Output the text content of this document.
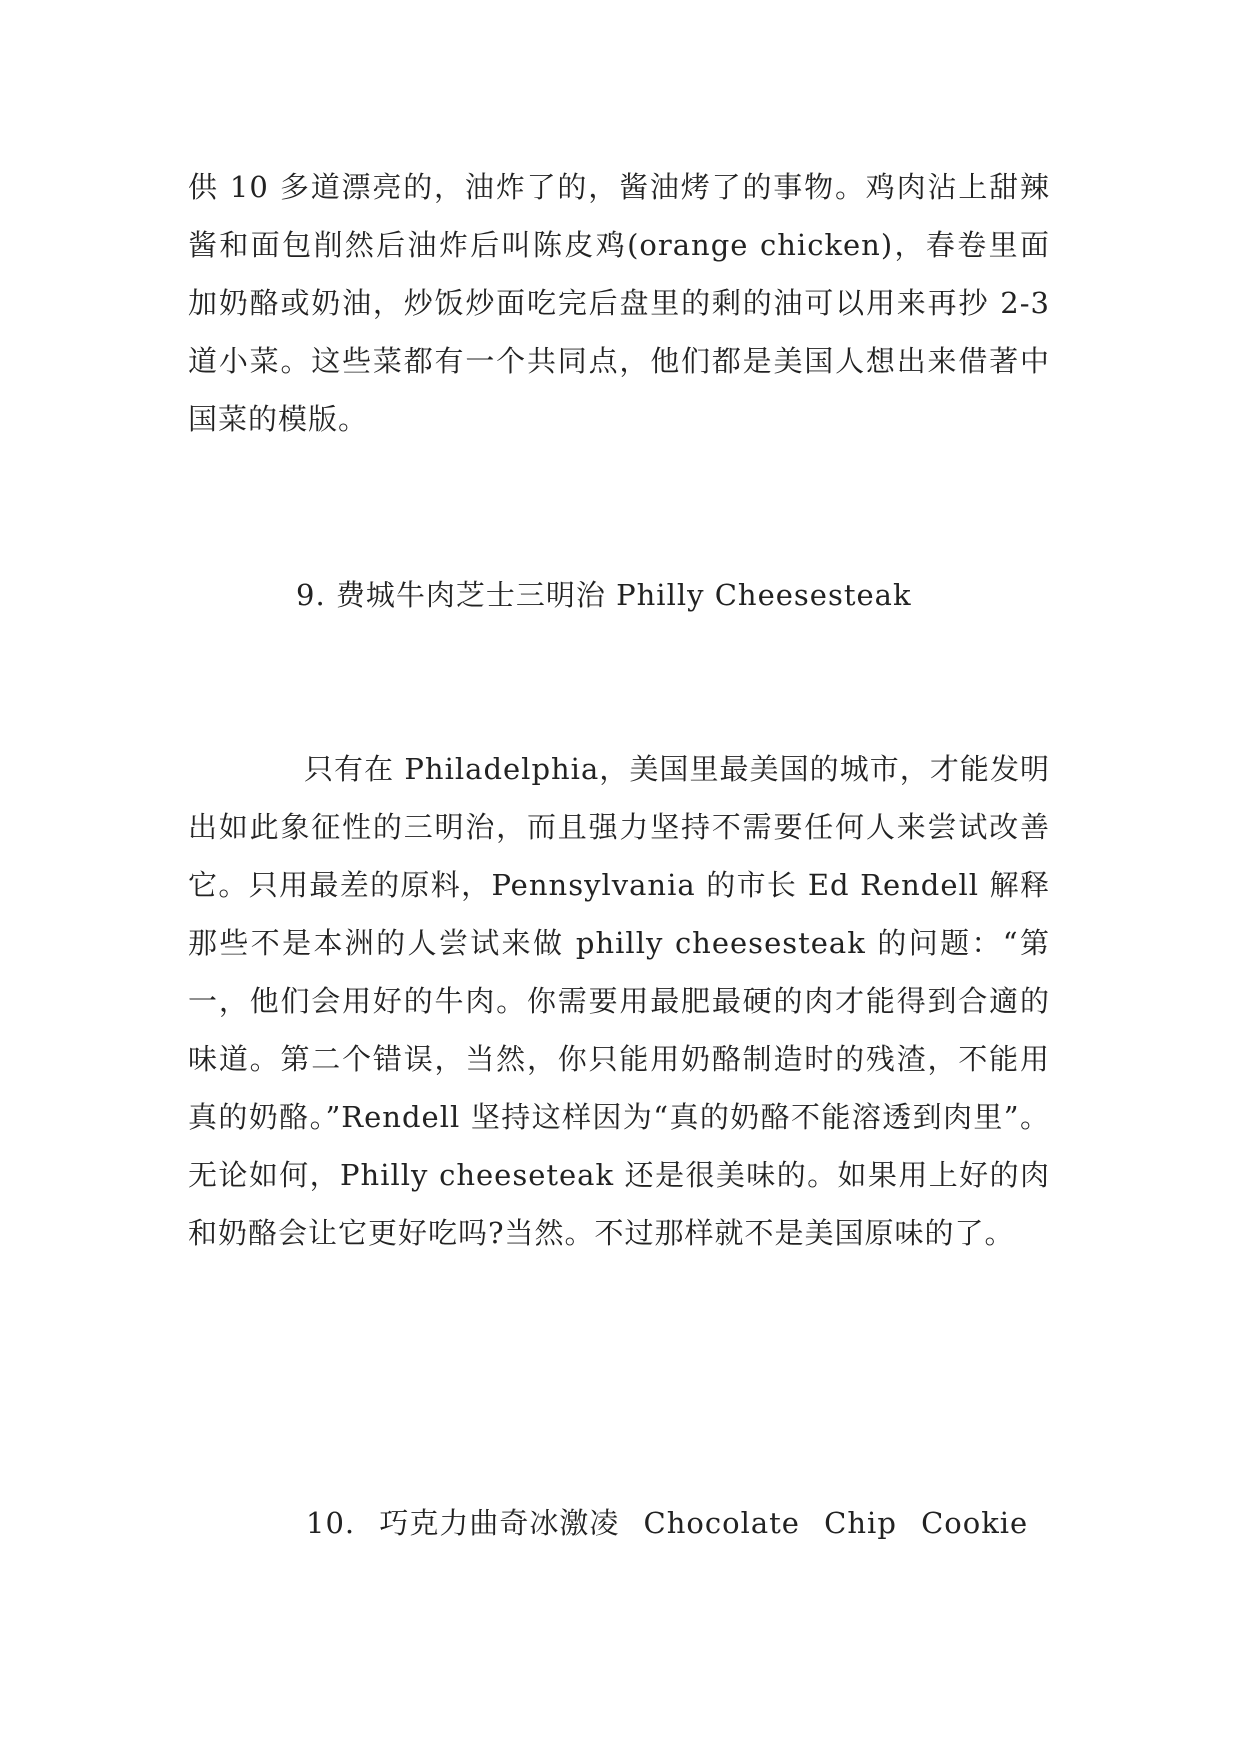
供 10 多道漂亮的，油炸了的，酱油烤了的事物。鸡肉沾上甜辣酱和面包削然后油炸后叫陈皮鸡(orange chicken)，春卷里面加奶酪或奶油，炒饭炒面吃完后盘里的剩的油可以用来再抄 2-3 道小菜。这些菜都有一个共同点，他们都是美国人想出来借著中国菜的模版。

9. 费城牛肉芝士三明治 Philly Cheesesteak

只有在 Philadelphia，美国里最美国的城市，才能发明出如此象征性的三明治，而且强力坚持不需要任何人来尝试改善它。只用最差的原料，Pennsylvania 的市长 Ed Rendell 解释那些不是本洲的人尝试来做 philly cheesesteak 的问题：“第一，他们会用好的牛肉。你需要用最肥最硬的肉才能得到合適的味道。第二个错误，当然，你只能用奶酪制造时的残渣，不能用真的奶酪。”Rendell 坚持这样因为“真的奶酪不能溶透到肉里”。无论如何，Philly cheeseteak 还是很美味的。如果用上好的肉和奶酪会让它更好吃吗?当然。不过那样就不是美国原味的了。

10. 巧克力曲奇冰激凌 Chocolate Chip Cookie
